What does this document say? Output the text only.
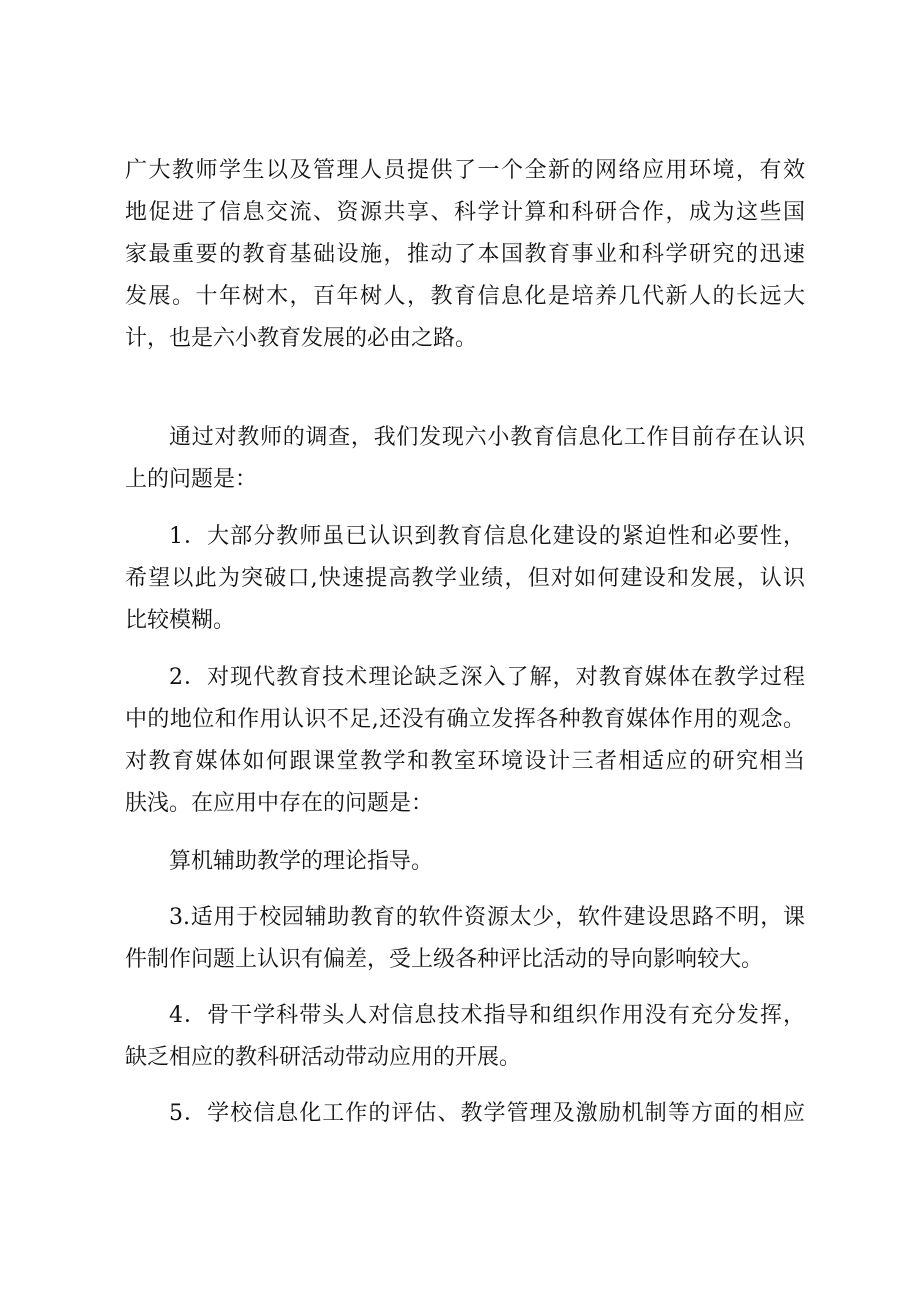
广大教师学生以及管理人员提供了一个全新的网络应用环境，有效
地促进了信息交流、资源共享、科学计算和科研合作，成为这些国
家最重要的教育基础设施，推动了本国教育事业和科学研究的迅速
发展。十年树木，百年树人，教育信息化是培养几代新人的长远大
计，也是六小教育发展的必由之路。
通过对教师的调查，我们发现六小教育信息化工作目前存在认识
上的问题是：
1．大部分教师虽已认识到教育信息化建设的紧迫性和必要性，
希望以此为突破口,快速提高教学业绩，但对如何建设和发展，认识
比较模糊。
2．对现代教育技术理论缺乏深入了解，对教育媒体在教学过程
中的地位和作用认识不足,还没有确立发挥各种教育媒体作用的观念。
对教育媒体如何跟课堂教学和教室环境设计三者相适应的研究相当
肤浅。在应用中存在的问题是：
算机辅助教学的理论指导。
3.适用于校园辅助教育的软件资源太少，软件建设思路不明，课
件制作问题上认识有偏差，受上级各种评比活动的导向影响较大。
4．骨干学科带头人对信息技术指导和组织作用没有充分发挥，
缺乏相应的教科研活动带动应用的开展。
5．学校信息化工作的评估、教学管理及激励机制等方面的相应
